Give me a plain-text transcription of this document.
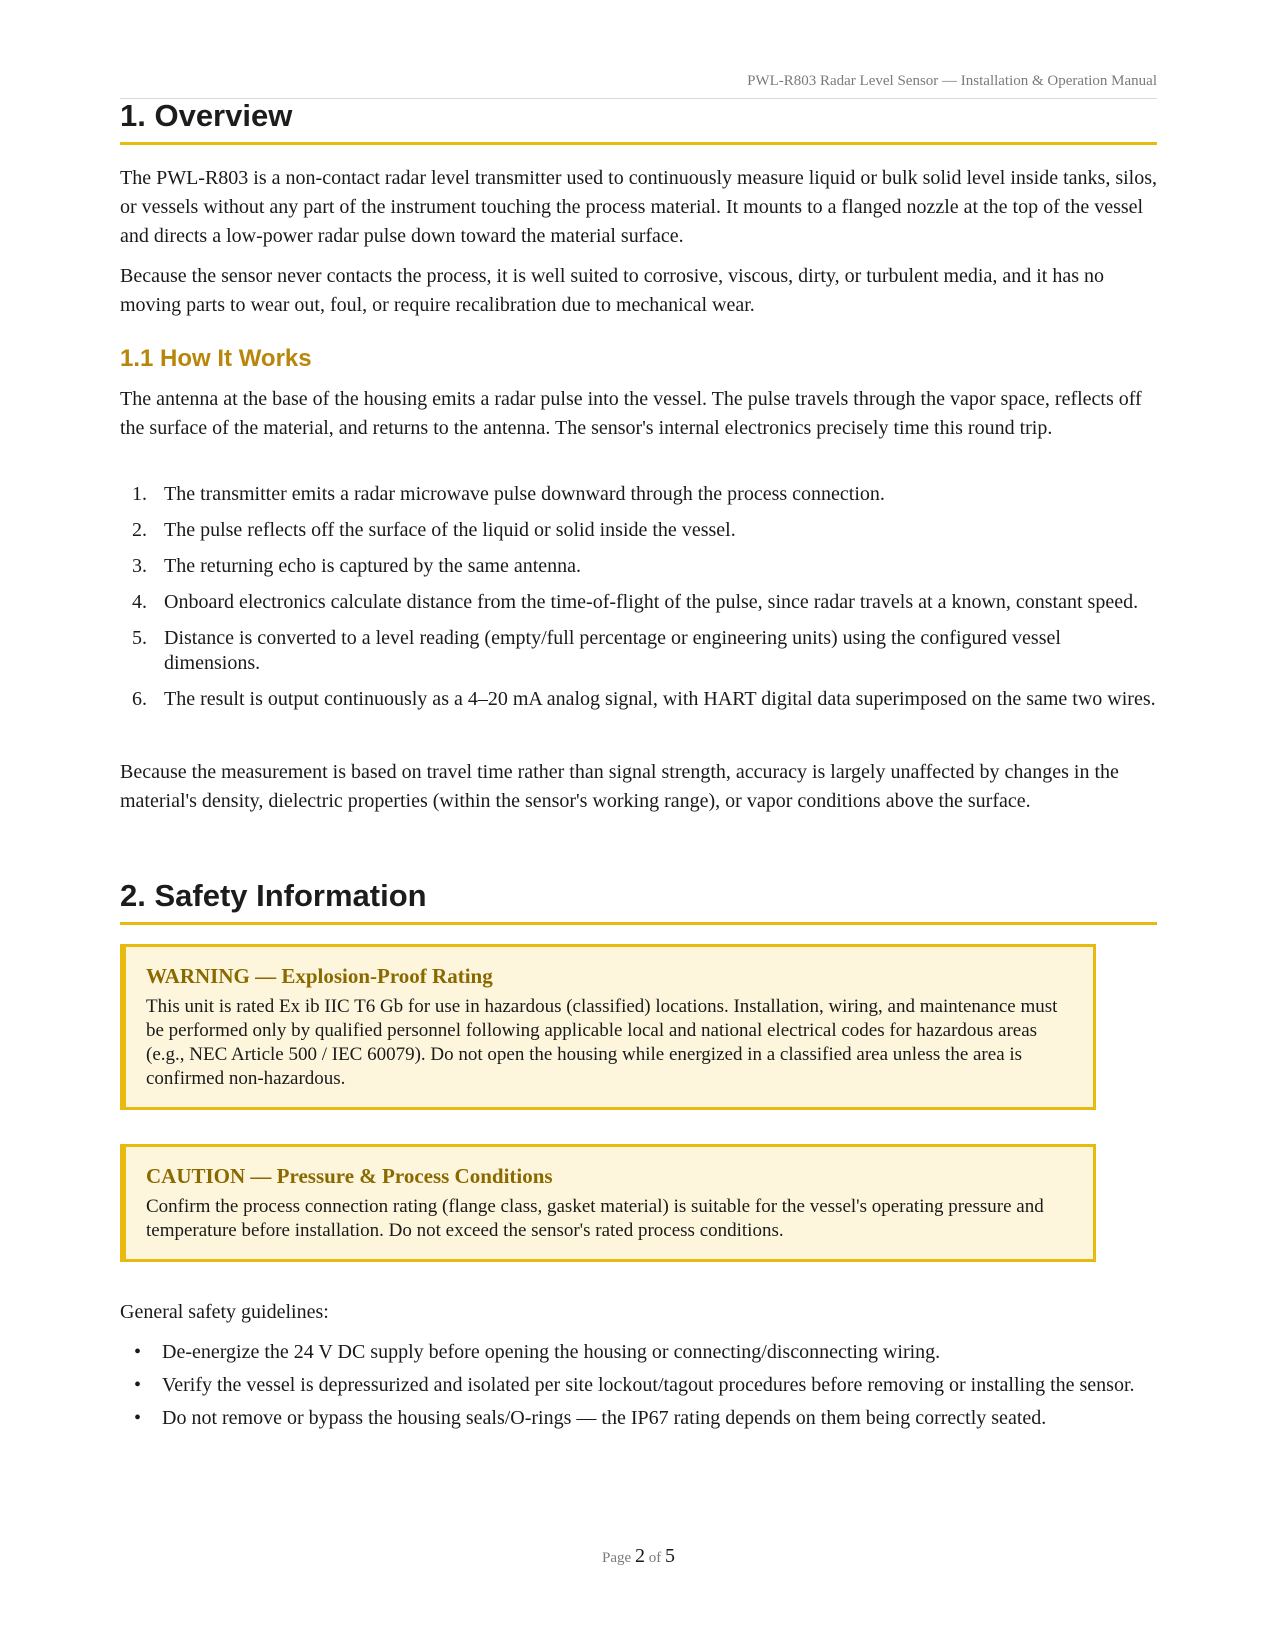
PWL-R803 Radar Level Sensor — Installation & Operation Manual
1. Overview

The PWL-R803 is a non-contact radar level transmitter used to continuously measure liquid or bulk solid level inside tanks, silos, or vessels without any part of the instrument touching the process material. It mounts to a flanged nozzle at the top of the vessel and directs a low-power radar pulse down toward the material surface.

Because the sensor never contacts the process, it is well suited to corrosive, viscous, dirty, or turbulent media, and it has no moving parts to wear out, foul, or require recalibration due to mechanical wear.

1.1 How It Works

The antenna at the base of the housing emits a radar pulse into the vessel. The pulse travels through the vapor space, reflects off the surface of the material, and returns to the antenna. The sensor's internal electronics precisely time this round trip.

1. The transmitter emits a radar microwave pulse downward through the process connection.
2. The pulse reflects off the surface of the liquid or solid inside the vessel.
3. The returning echo is captured by the same antenna.
4. Onboard electronics calculate distance from the time-of-flight of the pulse, since radar travels at a known, constant speed.
5. Distance is converted to a level reading (empty/full percentage or engineering units) using the configured vessel dimensions.
6. The result is output continuously as a 4–20 mA analog signal, with HART digital data superimposed on the same two wires.

Because the measurement is based on travel time rather than signal strength, accuracy is largely unaffected by changes in the material's density, dielectric properties (within the sensor's working range), or vapor conditions above the surface.

2. Safety Information
WARNING — Explosion-Proof Rating
This unit is rated Ex ib IIC T6 Gb for use in hazardous (classified) locations. Installation, wiring, and maintenance must be performed only by qualified personnel following applicable local and national electrical codes for hazardous areas (e.g., NEC Article 500 / IEC 60079). Do not open the housing while energized in a classified area unless the area is confirmed non-hazardous.
CAUTION — Pressure & Process Conditions
Confirm the process connection rating (flange class, gasket material) is suitable for the vessel's operating pressure and temperature before installation. Do not exceed the sensor's rated process conditions.

General safety guidelines:

• De-energize the 24 V DC supply before opening the housing or connecting/disconnecting wiring.
• Verify the vessel is depressurized and isolated per site lockout/tagout procedures before removing or installing the sensor.
• Do not remove or bypass the housing seals/O-rings — the IP67 rating depends on them being correctly seated.
Page 2 of 5
